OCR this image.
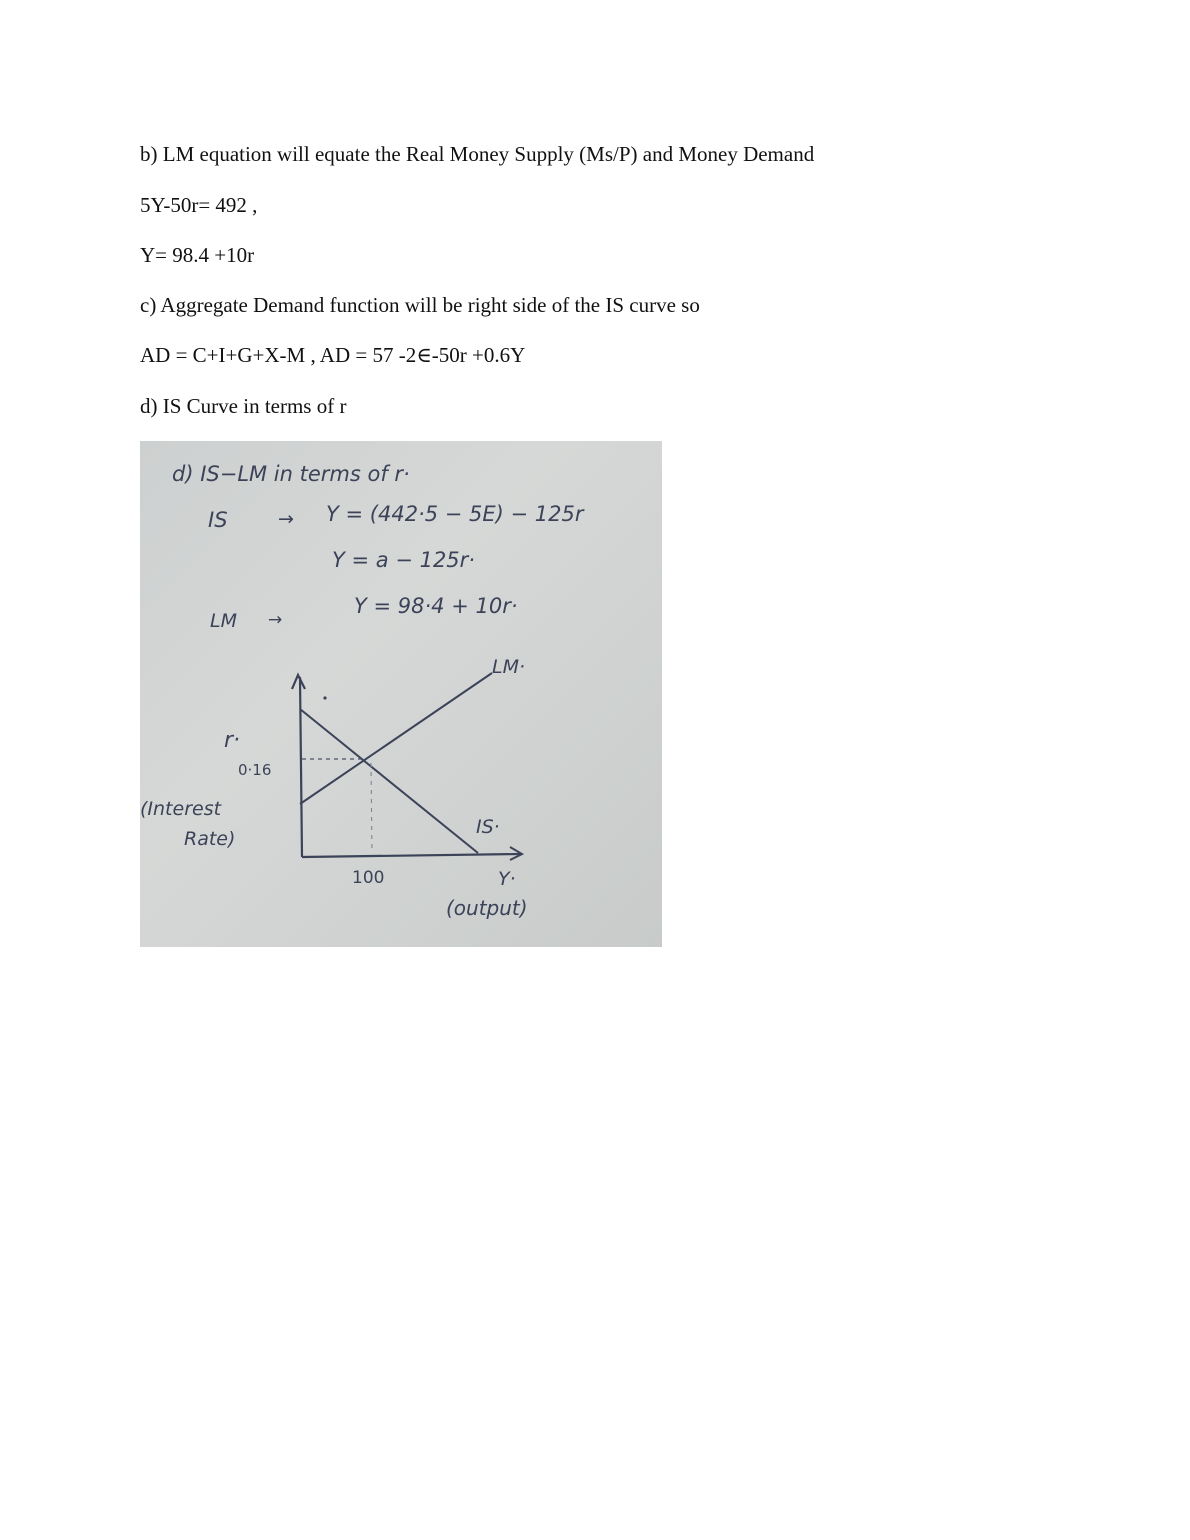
b) LM equation will equate the Real Money Supply (Ms/P) and Money Demand
5Y-50r= 492 ,
Y= 98.4 +10r
c) Aggregate Demand function will be right side of the IS curve so
AD = C+I+G+X-M , AD = 57 -2∈-50r +0.6Y
d) IS Curve in terms of r
d) IS−LM in terms of r·
IS	→ Y = (442·5 − 5E) − 125r
Y = a − 125r·
LM →
Y = 98·4 + 10r·
LM·
IS·
r·
0·16
(Interest
Rate)
100	Y·
(output)
